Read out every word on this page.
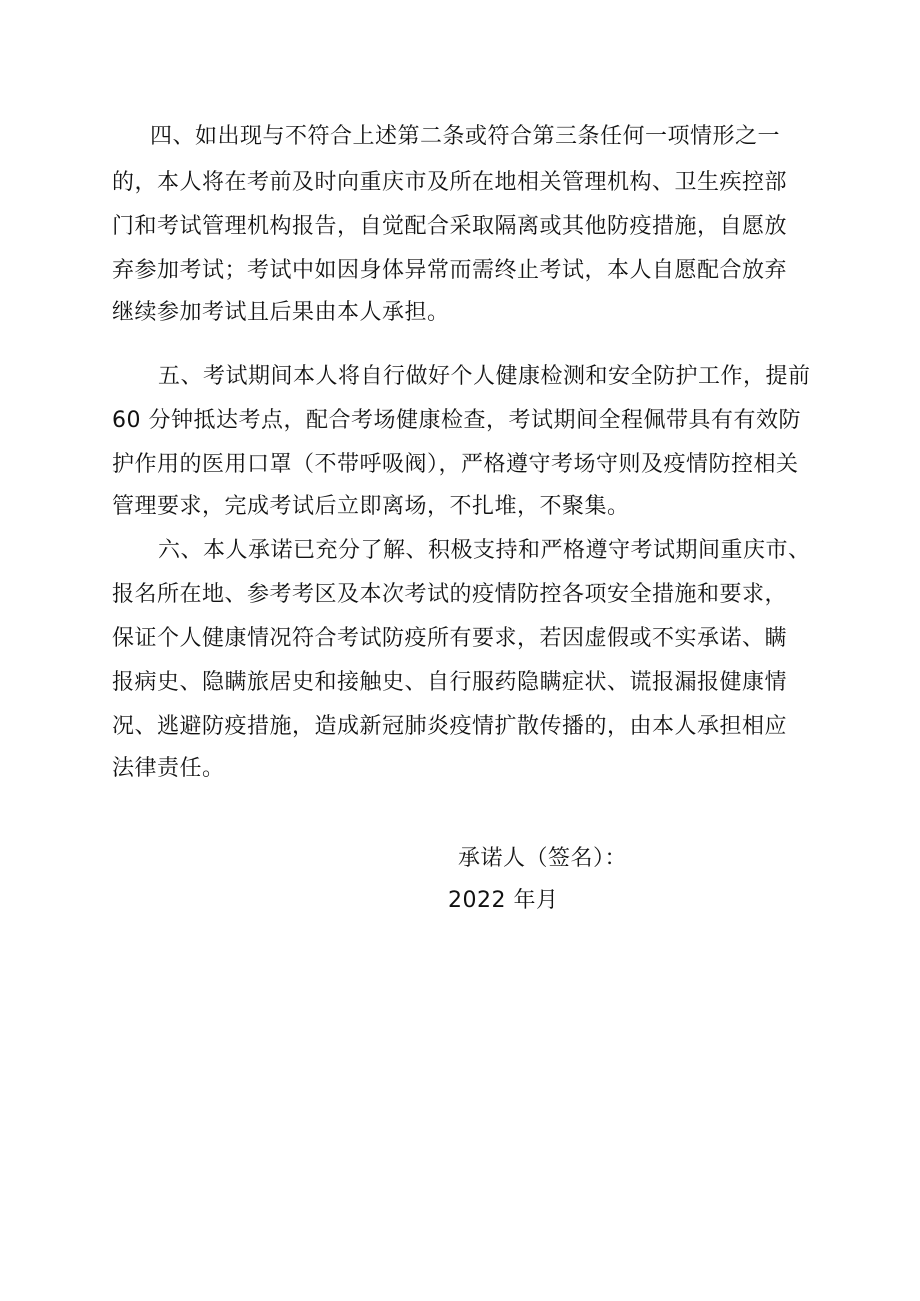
四、如出现与不符合上述第二条或符合第三条任何一项情形之一
的，本人将在考前及时向重庆市及所在地相关管理机构、卫生疾控部
门和考试管理机构报告，自觉配合采取隔离或其他防疫措施，自愿放
弃参加考试；考试中如因身体异常而需终止考试，本人自愿配合放弃
继续参加考试且后果由本人承担。
五、考试期间本人将自行做好个人健康检测和安全防护工作，提前
60 分钟抵达考点，配合考场健康检查，考试期间全程佩带具有有效防
护作用的医用口罩（不带呼吸阀），严格遵守考场守则及疫情防控相关
管理要求，完成考试后立即离场，不扎堆，不聚集。
六、本人承诺已充分了解、积极支持和严格遵守考试期间重庆市、
报名所在地、参考考区及本次考试的疫情防控各项安全措施和要求，
保证个人健康情况符合考试防疫所有要求，若因虚假或不实承诺、瞒
报病史、隐瞒旅居史和接触史、自行服药隐瞒症状、谎报漏报健康情
况、逃避防疫措施，造成新冠肺炎疫情扩散传播的，由本人承担相应
法律责任。
承诺人（签名）：
2022 年月
